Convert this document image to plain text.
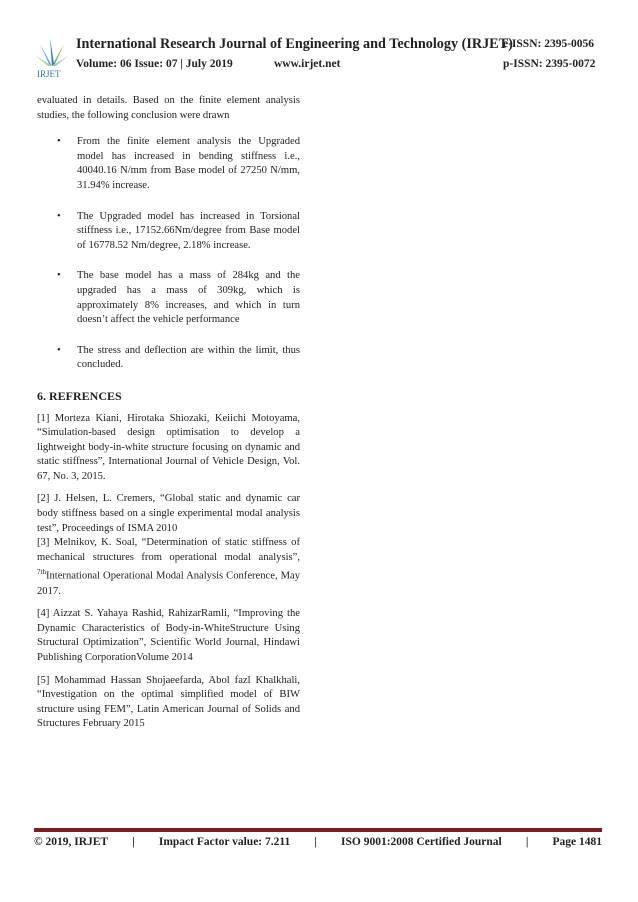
IRJET
International Research Journal of Engineering and Technology (IRJET)
e-ISSN: 2395-0056
Volume: 06 Issue: 07 | July 2019	www.irjet.net	p-ISSN: 2395-0072

evaluated in details. Based on the finite element analysis studies, the following conclusion were drawn

• From the finite element analysis the Upgraded model has increased in bending stiffness i.e., 40040.16 N/mm from Base model of 27250 N/mm, 31.94% increase.
• The Upgraded model has increased in Torsional stiffness i.e., 17152.66Nm/degree from Base model of 16778.52 Nm/degree, 2.18% increase.
• The base model has a mass of 284kg and the upgraded has a mass of 309kg, which is approximately 8% increases, and which in turn doesn’t affect the vehicle performance
• The stress and deflection are within the limit, thus concluded.
6. REFRENCES

[1] Morteza Kiani, Hirotaka Shiozaki, Keiichi Motoyama, “Simulation-based design optimisation to develop a lightweight body-in-white structure focusing on dynamic and static stiffness”, International Journal of Vehicle Design, Vol. 67, No. 3, 2015.

[2] J. Helsen, L. Cremers, “Global static and dynamic car body stiffness based on a single experimental modal analysis test”, Proceedings of ISMA 2010

[3] Melnikov, K. Soal, “Determination of static stiffness of mechanical structures from operational modal analysis”, $^{7th}$International Operational Modal Analysis Conference, May 2017.

[4] Aizzat S. Yahaya Rashid, RahizarRamli, “Improving the Dynamic Characteristics of Body-in-WhiteStructure Using Structural Optimization”, Scientific World Journal, Hindawi Publishing CorporationVolume 2014

[5] Mohammad Hassan Shojaeefarda, Abol fazl Khalkhali, “Investigation on the optimal simplified model of BIW structure using FEM”, Latin American Journal of Solids and Structures February 2015

© 2019, IRJET | Impact Factor value: 7.211 | ISO 9001:2008 Certified Journal | Page 1481
